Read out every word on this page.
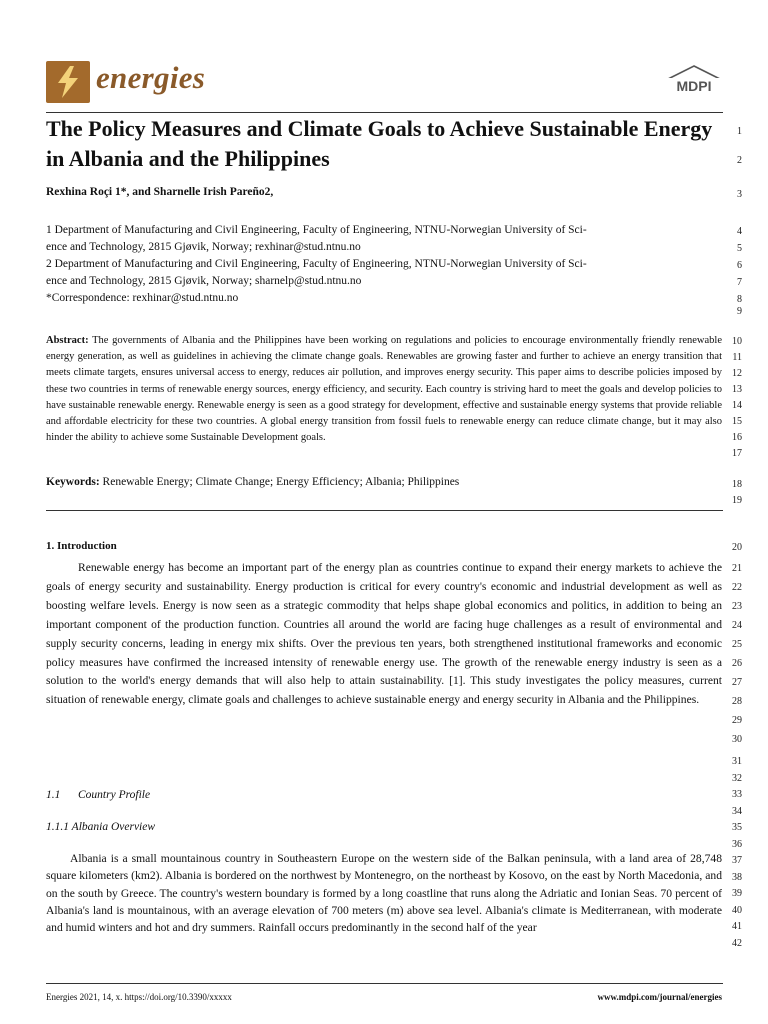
energies	MDPI
The Policy Measures and Climate Goals to Achieve Sustainable Energy in Albania and the Philippines
Rexhina Roçi 1*, and Sharnelle Irish Pareño2,
1 Department of Manufacturing and Civil Engineering, Faculty of Engineering, NTNU-Norwegian University of Sci-
ence and Technology, 2815 Gjøvik, Norway; rexhinar@stud.ntnu.no
2 Department of Manufacturing and Civil Engineering, Faculty of Engineering, NTNU-Norwegian University of Sci-
ence and Technology, 2815 Gjøvik, Norway; sharnelp@stud.ntnu.no
*Correspondence: rexhinar@stud.ntnu.no

Abstract: The governments of Albania and the Philippines have been working on regulations and policies to encourage environmentally friendly renewable energy generation, as well as guidelines in achieving the climate change goals. Renewables are growing faster and further to achieve an energy transition that meets climate targets, ensures universal access to energy, reduces air pollution, and improves energy security. This paper aims to describe policies imposed by these two countries in terms of renewable energy sources, energy efficiency, and security. Each country is striving hard to meet the goals and develop policies to have sustainable renewable energy. Renewable energy is seen as a good strategy for development, effective and sustainable energy systems that provide reliable and affordable electricity for these two countries. A global energy transition from fossil fuels to renewable energy can reduce climate change, but it may also hinder the ability to achieve some Sustainable Development goals.

Keywords: Renewable Energy; Climate Change; Energy Efficiency; Albania; Philippines
1. Introduction

Renewable energy has become an important part of the energy plan as countries continue to expand their energy markets to achieve the goals of energy security and sustainability. Energy production is critical for every country's economic and industrial development as well as boosting welfare levels. Energy is now seen as a strategic commodity that helps shape global economics and politics, in addition to being an important component of the production function. Countries all around the world are facing huge challenges as a result of environmental and supply security concerns, leading in energy mix shifts. Over the previous ten years, both strengthened institutional frameworks and economic policy measures have confirmed the increased intensity of renewable energy use. The growth of the renewable energy industry is seen as a solution to the world's energy demands that will also help to attain sustainability. [1]. This study investigates the policy measures, current situation of renewable energy, climate goals and challenges to achieve sustainable energy and energy security in Albania and the Philippines.

1.1 Country Profile
1.1.1 Albania Overview

Albania is a small mountainous country in Southeastern Europe on the western side of the Balkan peninsula, with a land area of 28,748 square kilometers (km2). Albania is bordered on the northwest by Montenegro, on the northeast by Kosovo, on the east by North Macedonia, and on the south by Greece. The country's western boundary is formed by a long coastline that runs along the Adriatic and Ionian Seas. 70 percent of Albania's land is mountainous, with an average elevation of 700 meters (m) above sea level. Albania's climate is Mediterranean, with moderate and humid winters and hot and dry summers. Rainfall occurs predominantly in the second half of the year

1
2
3
4
5
6
7
8
9
10
11
12
13
14
15
16
17
18
19
20
21
22
23
24
25
26
27
28
29
30
31
32
33
34
35
36
37
38
39
40
41
42
Energies 2021, 14, x. https://doi.org/10.3390/xxxxx	www.mdpi.com/journal/energies
